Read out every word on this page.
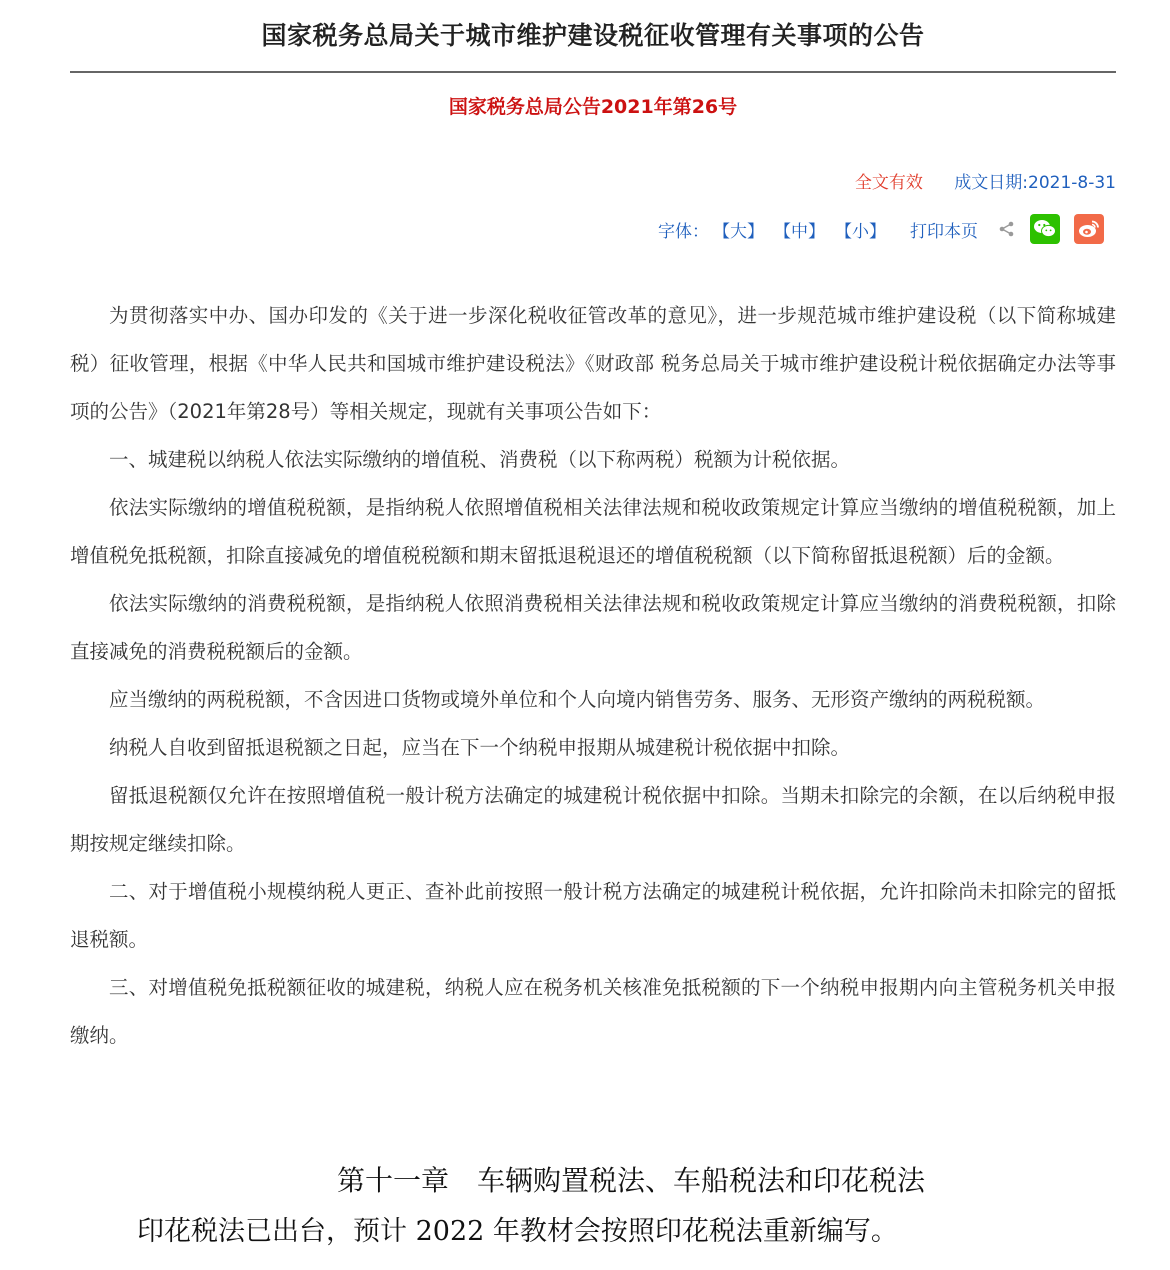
国家税务总局关于城市维护建设税征收管理有关事项的公告
国家税务总局公告2021年第26号
全文有效 成文日期:2021-8-31
字体： 【大】 【中】 【小】 打印本页

为贯彻落实中办、国办印发的《关于进一步深化税收征管改革的意见》，进一步规范城市维护建设税（以下简称城建税）征收管理，根据《中华人民共和国城市维护建设税法》《财政部 税务总局关于城市维护建设税计税依据确定办法等事项的公告》（2021年第28号）等相关规定，现就有关事项公告如下：

一、城建税以纳税人依法实际缴纳的增值税、消费税（以下称两税）税额为计税依据。

依法实际缴纳的增值税税额，是指纳税人依照增值税相关法律法规和税收政策规定计算应当缴纳的增值税税额，加上增值税免抵税额，扣除直接减免的增值税税额和期末留抵退税退还的增值税税额（以下简称留抵退税额）后的金额。

依法实际缴纳的消费税税额，是指纳税人依照消费税相关法律法规和税收政策规定计算应当缴纳的消费税税额，扣除直接减免的消费税税额后的金额。

应当缴纳的两税税额，不含因进口货物或境外单位和个人向境内销售劳务、服务、无形资产缴纳的两税税额。

纳税人自收到留抵退税额之日起，应当在下一个纳税申报期从城建税计税依据中扣除。

留抵退税额仅允许在按照增值税一般计税方法确定的城建税计税依据中扣除。当期未扣除完的余额，在以后纳税申报期按规定继续扣除。

二、对于增值税小规模纳税人更正、查补此前按照一般计税方法确定的城建税计税依据，允许扣除尚未扣除完的留抵退税额。

三、对增值税免抵税额征收的城建税，纳税人应在税务机关核准免抵税额的下一个纳税申报期内向主管税务机关申报缴纳。

第十一章　车辆购置税法、车船税法和印花税法
印花税法已出台，预计 2022 年教材会按照印花税法重新编写。
